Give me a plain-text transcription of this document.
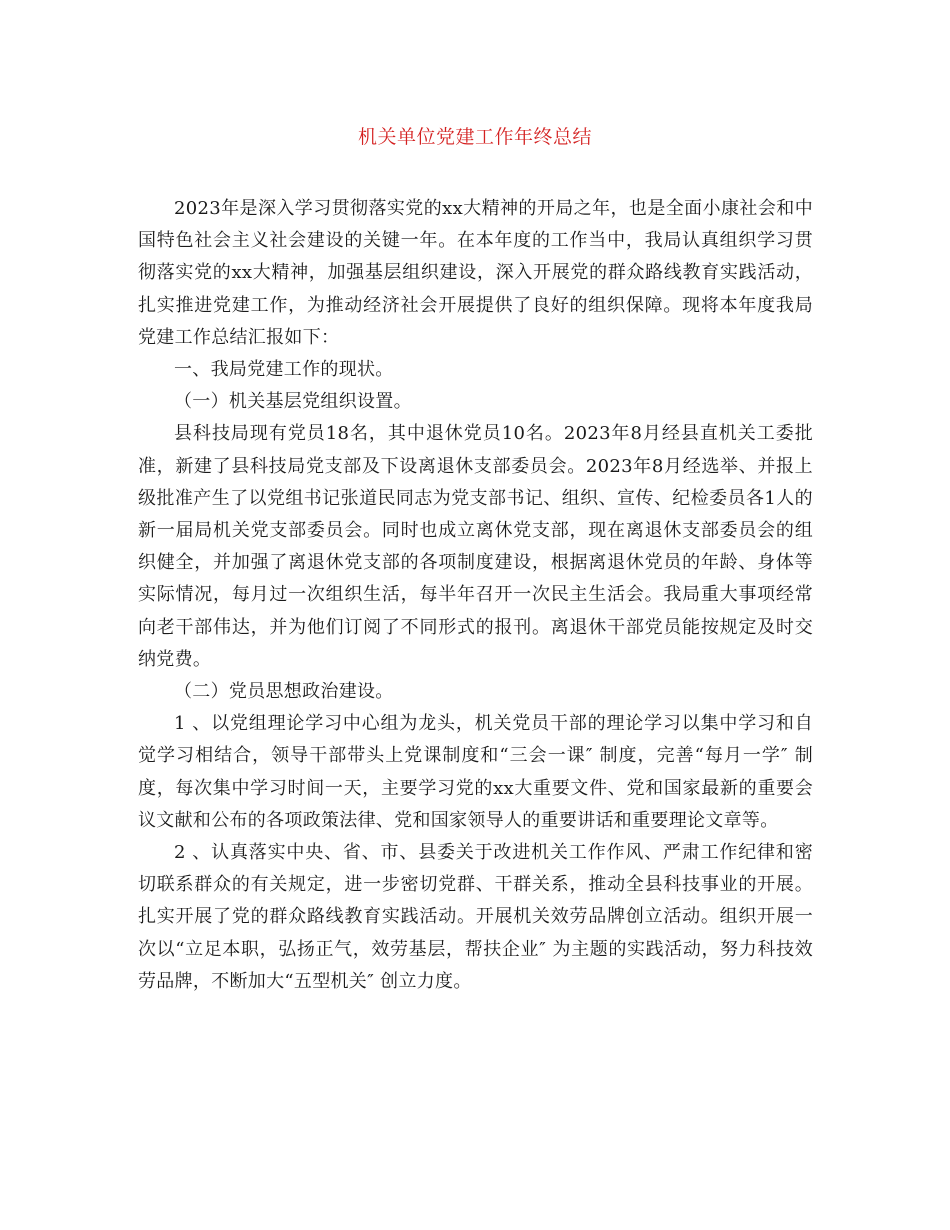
机关单位党建工作年终总结

2023年是深入学习贯彻落实党的xx大精神的开局之年，也是全面小康社会和中国特色社会主义社会建设的关键一年。在本年度的工作当中，我局认真组织学习贯彻落实党的xx大精神，加强基层组织建设，深入开展党的群众路线教育实践活动，扎实推进党建工作，为推动经济社会开展提供了良好的组织保障。现将本年度我局党建工作总结汇报如下：

一、我局党建工作的现状。

（一）机关基层党组织设置。

县科技局现有党员18名，其中退休党员10名。2023年8月经县直机关工委批准，新建了县科技局党支部及下设离退休支部委员会。2023年8月经选举、并报上级批准产生了以党组书记张道民同志为党支部书记、组织、宣传、纪检委员各1人的新一届局机关党支部委员会。同时也成立离休党支部，现在离退休支部委员会的组织健全，并加强了离退休党支部的各项制度建设，根据离退休党员的年龄、身体等实际情况，每月过一次组织生活，每半年召开一次民主生活会。我局重大事项经常向老干部伟达，并为他们订阅了不同形式的报刊。离退休干部党员能按规定及时交纳党费。

（二）党员思想政治建设。

1 、以党组理论学习中心组为龙头，机关党员干部的理论学习以集中学习和自觉学习相结合，领导干部带头上党课制度和“三会一课″ 制度，完善“每月一学″ 制度，每次集中学习时间一天，主要学习党的xx大重要文件、党和国家最新的重要会议文献和公布的各项政策法律、党和国家领导人的重要讲话和重要理论文章等。

2 、认真落实中央、省、市、县委关于改进机关工作作风、严肃工作纪律和密切联系群众的有关规定，进一步密切党群、干群关系，推动全县科技事业的开展。扎实开展了党的群众路线教育实践活动。开展机关效劳品牌创立活动。组织开展一次以“立足本职，弘扬正气，效劳基层，帮扶企业″ 为主题的实践活动，努力科技效劳品牌，不断加大“五型机关″ 创立力度。
